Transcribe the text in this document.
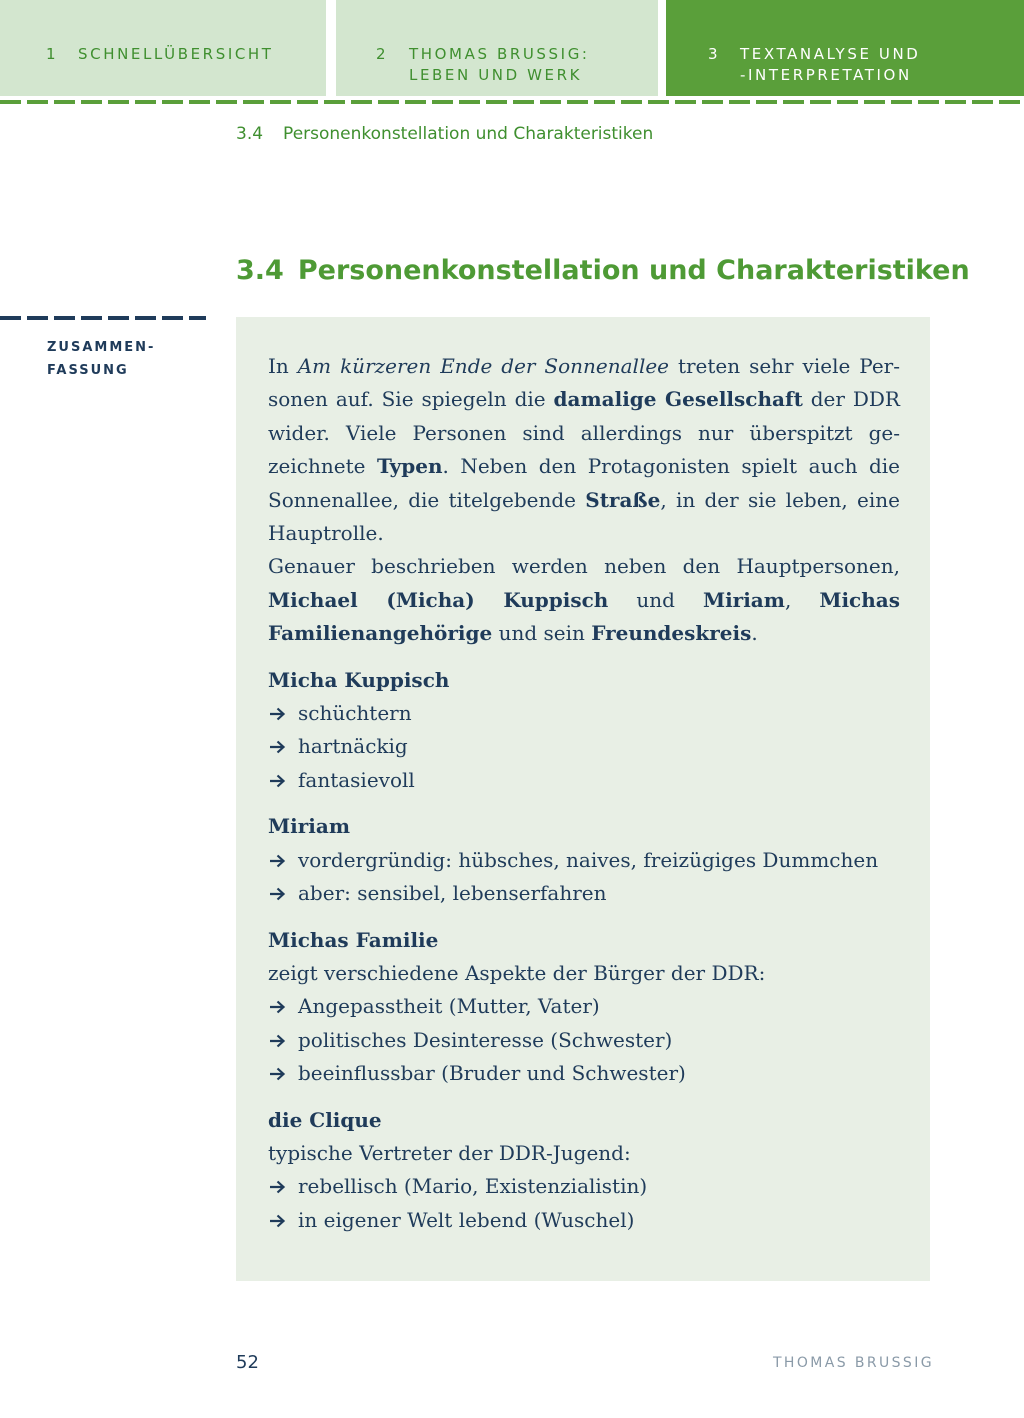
1 SCHNELLÜBERSICHT	2 THOMAS BRUSSIG:
LEBEN UND WERK
3 TEXTANALYSE UND
-INTERPRETATION
3.4 Personenkonstellation und Charakteristiken
3.4 Personenkonstellation und Charakteristiken
ZUSAMMEN-
FASSUNG	In Am kürzeren Ende der Sonnenallee treten sehr viele Personen auf. Sie spiegeln die damalige Gesellschaft der DDR wider. Viele Personen sind allerdings nur überspitzt gezeichnete Typen. Neben den Protagonisten spielt auch die Sonnenallee, die titelgebende Straße, in der sie leben, eine Hauptrolle.
Genauer beschrieben werden neben den Hauptpersonen, Michael (Micha) Kuppisch und Miriam, Michas Familienangehörige und sein Freundeskreis.

Micha Kuppisch

schüchtern
hartnäckig
fantasievoll

Miriam

vordergründig: hübsches, naives, freizügiges Dummchen
aber: sensibel, lebenserfahren

Michas Familie

zeigt verschiedene Aspekte der Bürger der DDR:

Angepasstheit (Mutter, Vater)
politisches Desinteresse (Schwester)
beeinflussbar (Bruder und Schwester)

die Clique

typische Vertreter der DDR-Jugend:

rebellisch (Mario, Existenzialistin)
in eigener Welt lebend (Wuschel)
52	THOMAS BRUSSIG
